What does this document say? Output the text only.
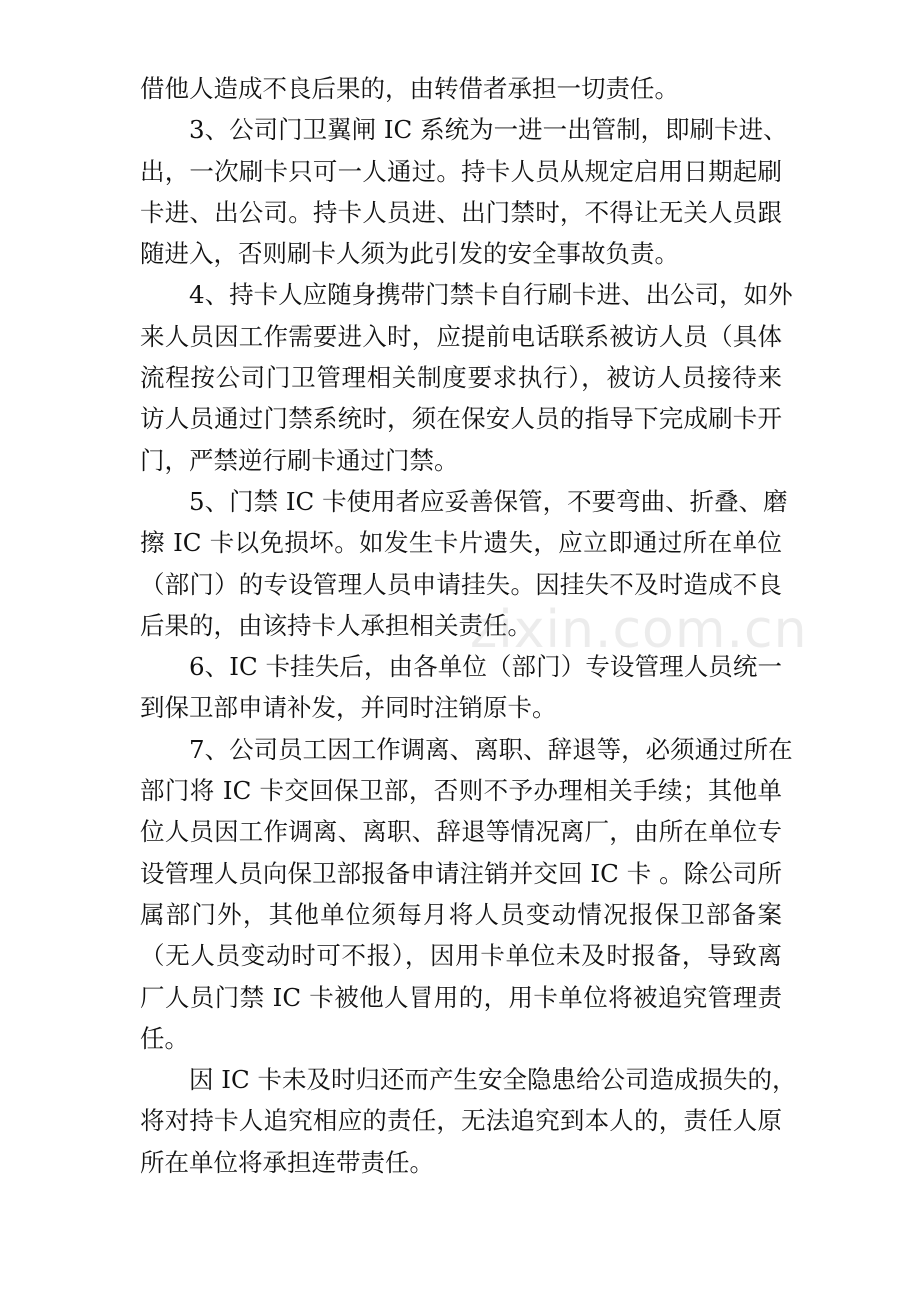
借他人造成不良后果的，由转借者承担一切责任。
3、公司门卫翼闸 IC 系统为一进一出管制，即刷卡进、
出，一次刷卡只可一人通过。持卡人员从规定启用日期起刷
卡进、出公司。持卡人员进、出门禁时，不得让无关人员跟
随进入，否则刷卡人须为此引发的安全事故负责。
4、持卡人应随身携带门禁卡自行刷卡进、出公司，如外
来人员因工作需要进入时，应提前电话联系被访人员（具体
流程按公司门卫管理相关制度要求执行），被访人员接待来
访人员通过门禁系统时，须在保安人员的指导下完成刷卡开
门，严禁逆行刷卡通过门禁。
5、门禁 IC 卡使用者应妥善保管，不要弯曲、折叠、磨
擦 IC 卡以免损坏。如发生卡片遗失，应立即通过所在单位
（部门）的专设管理人员申请挂失。因挂失不及时造成不良
后果的，由该持卡人承担相关责任。
6、IC 卡挂失后，由各单位（部门）专设管理人员统一
到保卫部申请补发，并同时注销原卡。
7、公司员工因工作调离、离职、辞退等，必须通过所在
部门将 IC 卡交回保卫部，否则不予办理相关手续；其他单
位人员因工作调离、离职、辞退等情况离厂，由所在单位专
设管理人员向保卫部报备申请注销并交回 IC 卡 。除公司所
属部门外，其他单位须每月将人员变动情况报保卫部备案
（无人员变动时可不报），因用卡单位未及时报备，导致离
厂人员门禁 IC 卡被他人冒用的，用卡单位将被追究管理责
任。
因 IC 卡未及时归还而产生安全隐患给公司造成损失的，
将对持卡人追究相应的责任，无法追究到本人的，责任人原
所在单位将承担连带责任。
zixin.com.cn
